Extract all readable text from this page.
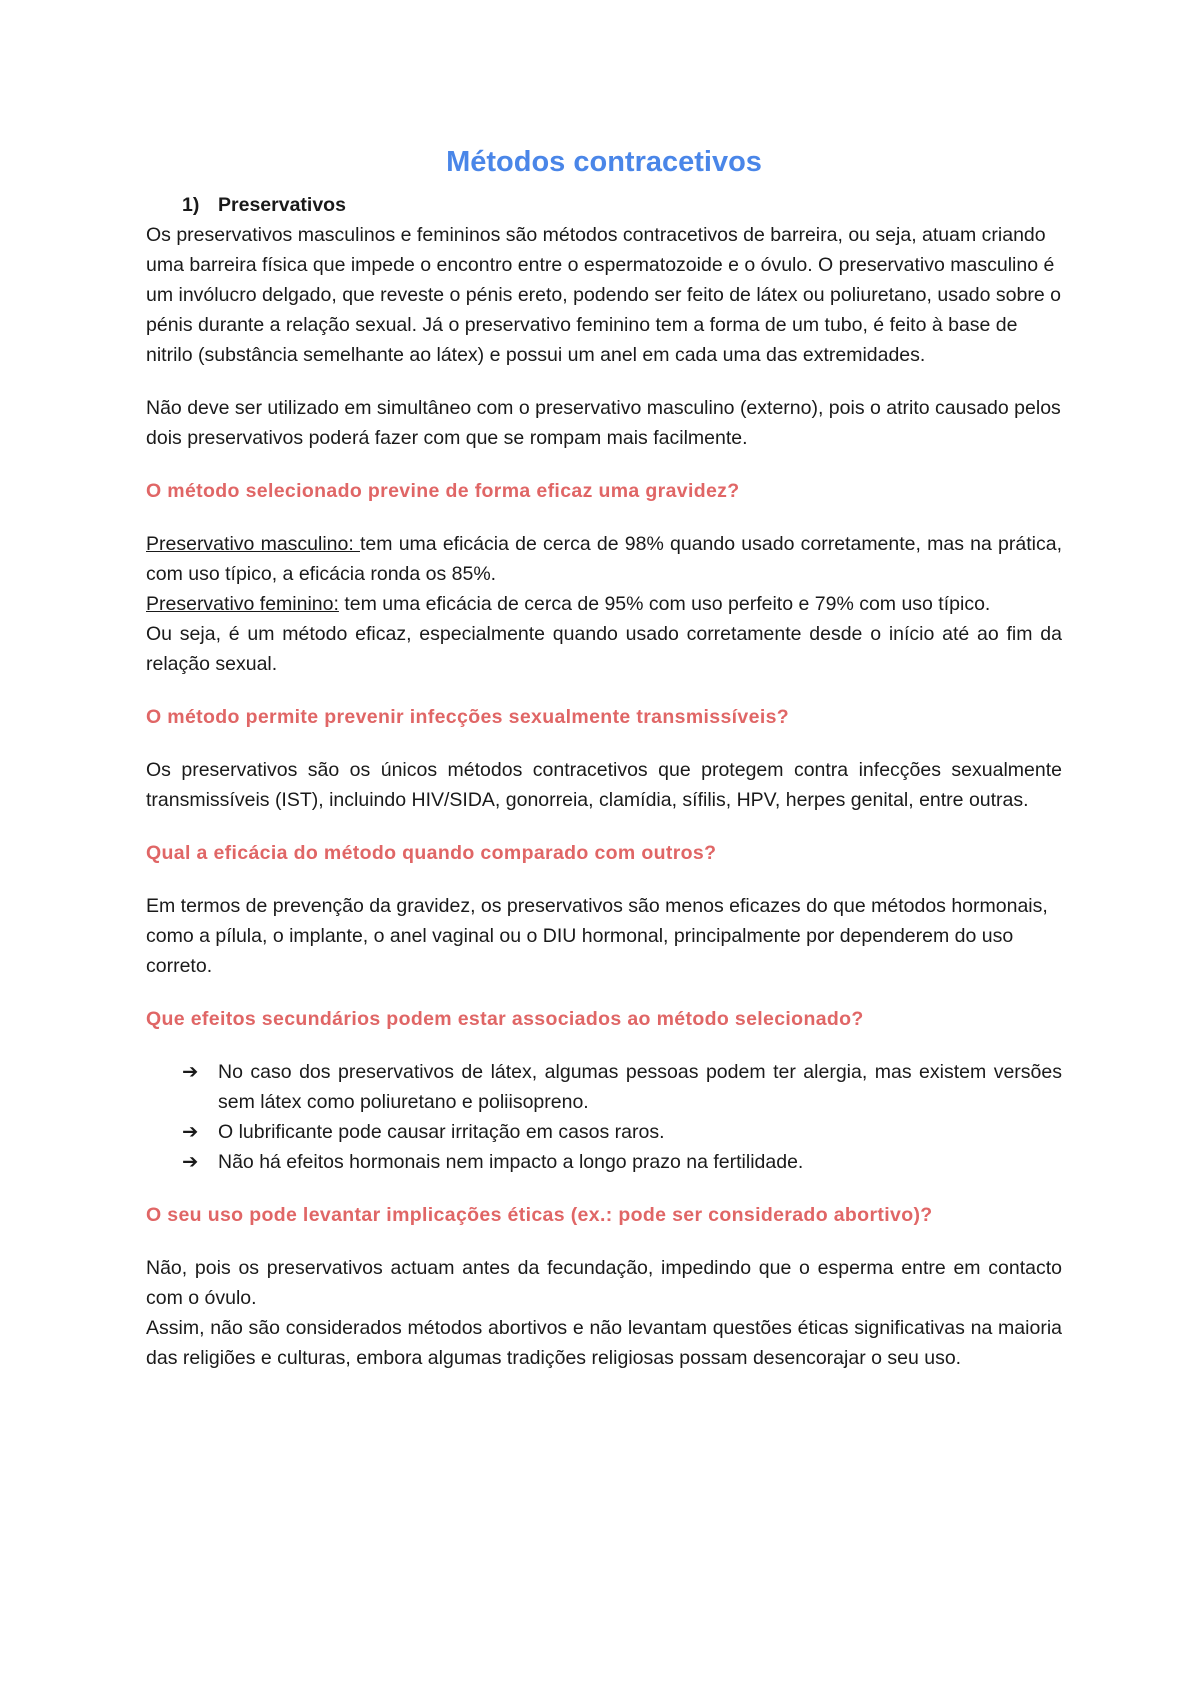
Métodos contracetivos
1) Preservativos

Os preservativos masculinos e femininos são métodos contracetivos de barreira, ou seja, atuam criando uma barreira física que impede o encontro entre o espermatozoide e o óvulo. O preservativo masculino é um invólucro delgado, que reveste o pénis ereto, podendo ser feito de látex ou poliuretano, usado sobre o pénis durante a relação sexual. Já o preservativo feminino tem a forma de um tubo, é feito à base de nitrilo (substância semelhante ao látex) e possui um anel em cada uma das extremidades.

Não deve ser utilizado em simultâneo com o preservativo masculino (externo), pois o atrito causado pelos dois preservativos poderá fazer com que se rompam mais facilmente.

O método selecionado previne de forma eficaz uma gravidez?

Preservativo masculino: tem uma eficácia de cerca de 98% quando usado corretamente, mas na prática, com uso típico, a eficácia ronda os 85%.

Preservativo feminino: tem uma eficácia de cerca de 95% com uso perfeito e 79% com uso típico.

Ou seja, é um método eficaz, especialmente quando usado corretamente desde o início até ao fim da relação sexual.

O método permite prevenir infecções sexualmente transmissíveis?

Os preservativos são os únicos métodos contracetivos que protegem contra infecções sexualmente transmissíveis (IST), incluindo HIV/SIDA, gonorreia, clamídia, sífilis, HPV, herpes genital, entre outras.

Qual a eficácia do método quando comparado com outros?

Em termos de prevenção da gravidez, os preservativos são menos eficazes do que métodos hormonais, como a pílula, o implante, o anel vaginal ou o DIU hormonal, principalmente por dependerem do uso correto.

Que efeitos secundários podem estar associados ao método selecionado?

➔	No caso dos preservativos de látex, algumas pessoas podem ter alergia, mas existem versões sem látex como poliuretano e poliisopreno.
➔	O lubrificante pode causar irritação em casos raros.
➔	Não há efeitos hormonais nem impacto a longo prazo na fertilidade.

O seu uso pode levantar implicações éticas (ex.: pode ser considerado abortivo)?

Não, pois os preservativos actuam antes da fecundação, impedindo que o esperma entre em contacto com o óvulo.

Assim, não são considerados métodos abortivos e não levantam questões éticas significativas na maioria das religiões e culturas, embora algumas tradições religiosas possam desencorajar o seu uso.
